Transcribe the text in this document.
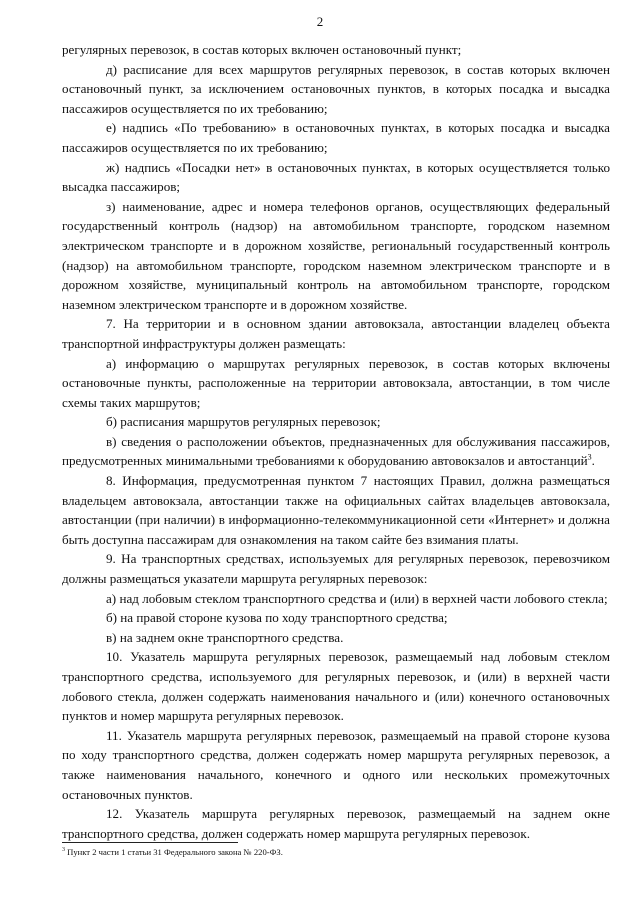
2

регулярных перевозок, в состав которых включен остановочный пункт;

д) расписание для всех маршрутов регулярных перевозок, в состав которых включен остановочный пункт, за исключением остановочных пунктов, в которых посадка и высадка пассажиров осуществляется по их требованию;

е) надпись «По требованию» в остановочных пунктах, в которых посадка и высадка пассажиров осуществляется по их требованию;

ж) надпись «Посадки нет» в остановочных пунктах, в которых осуществляется только высадка пассажиров;

з) наименование, адрес и номера телефонов органов, осуществляющих федеральный государственный контроль (надзор) на автомобильном транспорте, городском наземном электрическом транспорте и в дорожном хозяйстве, региональный государственный контроль (надзор) на автомобильном транспорте, городском наземном электрическом транспорте и в дорожном хозяйстве, муниципальный контроль на автомобильном транспорте, городском наземном электрическом транспорте и в дорожном хозяйстве.

7. На территории и в основном здании автовокзала, автостанции владелец объекта транспортной инфраструктуры должен размещать:

а) информацию о маршрутах регулярных перевозок, в состав которых включены остановочные пункты, расположенные на территории автовокзала, автостанции, в том числе схемы таких маршрутов;

б) расписания маршрутов регулярных перевозок;

в) сведения о расположении объектов, предназначенных для обслуживания пассажиров, предусмотренных минимальными требованиями к оборудованию автовокзалов и автостанций$^3$.

8. Информация, предусмотренная пунктом 7 настоящих Правил, должна размещаться владельцем автовокзала, автостанции также на официальных сайтах владельцев автовокзала, автостанции (при наличии) в информационно-телекоммуникационной сети «Интернет» и должна быть доступна пассажирам для ознакомления на таком сайте без взимания платы.

9. На транспортных средствах, используемых для регулярных перевозок, перевозчиком должны размещаться указатели маршрута регулярных перевозок:

а) над лобовым стеклом транспортного средства и (или) в верхней части лобового стекла;

б) на правой стороне кузова по ходу транспортного средства;

в) на заднем окне транспортного средства.

10. Указатель маршрута регулярных перевозок, размещаемый над лобовым стеклом транспортного средства, используемого для регулярных перевозок, и (или) в верхней части лобового стекла, должен содержать наименования начального и (или) конечного остановочных пунктов и номер маршрута регулярных перевозок.

11. Указатель маршрута регулярных перевозок, размещаемый на правой стороне кузова по ходу транспортного средства, должен содержать номер маршрута регулярных перевозок, а также наименования начального, конечного и одного или нескольких промежуточных остановочных пунктов.

12. Указатель маршрута регулярных перевозок, размещаемый на заднем окне транспортного средства, должен содержать номер маршрута регулярных перевозок.

$^3$ Пункт 2 части 1 статьи 31 Федерального закона № 220-ФЗ.
